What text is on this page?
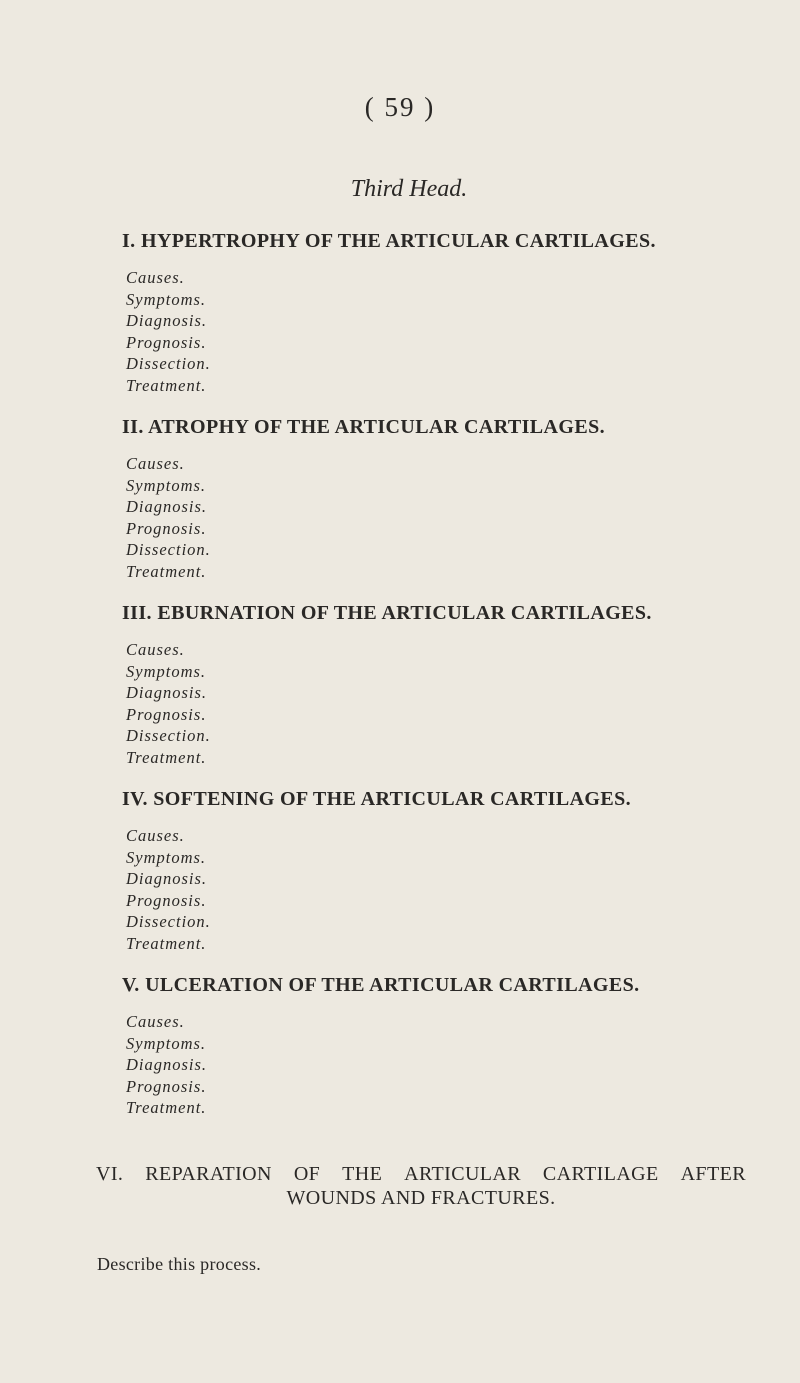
( 59 )
Third Head.
I. HYPERTROPHY OF THE ARTICULAR CARTILAGES.
Causes.
Symptoms.
Diagnosis.
Prognosis.
Dissection.
Treatment.
II. ATROPHY OF THE ARTICULAR CARTILAGES.
Causes.
Symptoms.
Diagnosis.
Prognosis.
Dissection.
Treatment.
III. EBURNATION OF THE ARTICULAR CARTILAGES.
Causes.
Symptoms.
Diagnosis.
Prognosis.
Dissection.
Treatment.
IV. SOFTENING OF THE ARTICULAR CARTILAGES.
Causes.
Symptoms.
Diagnosis.
Prognosis.
Dissection.
Treatment.
V. ULCERATION OF THE ARTICULAR CARTILAGES.
Causes.
Symptoms.
Diagnosis.
Prognosis.
Treatment.
VI. REPARATION OF THE ARTICULAR CARTILAGE AFTER
WOUNDS AND FRACTURES.
Describe this process.
